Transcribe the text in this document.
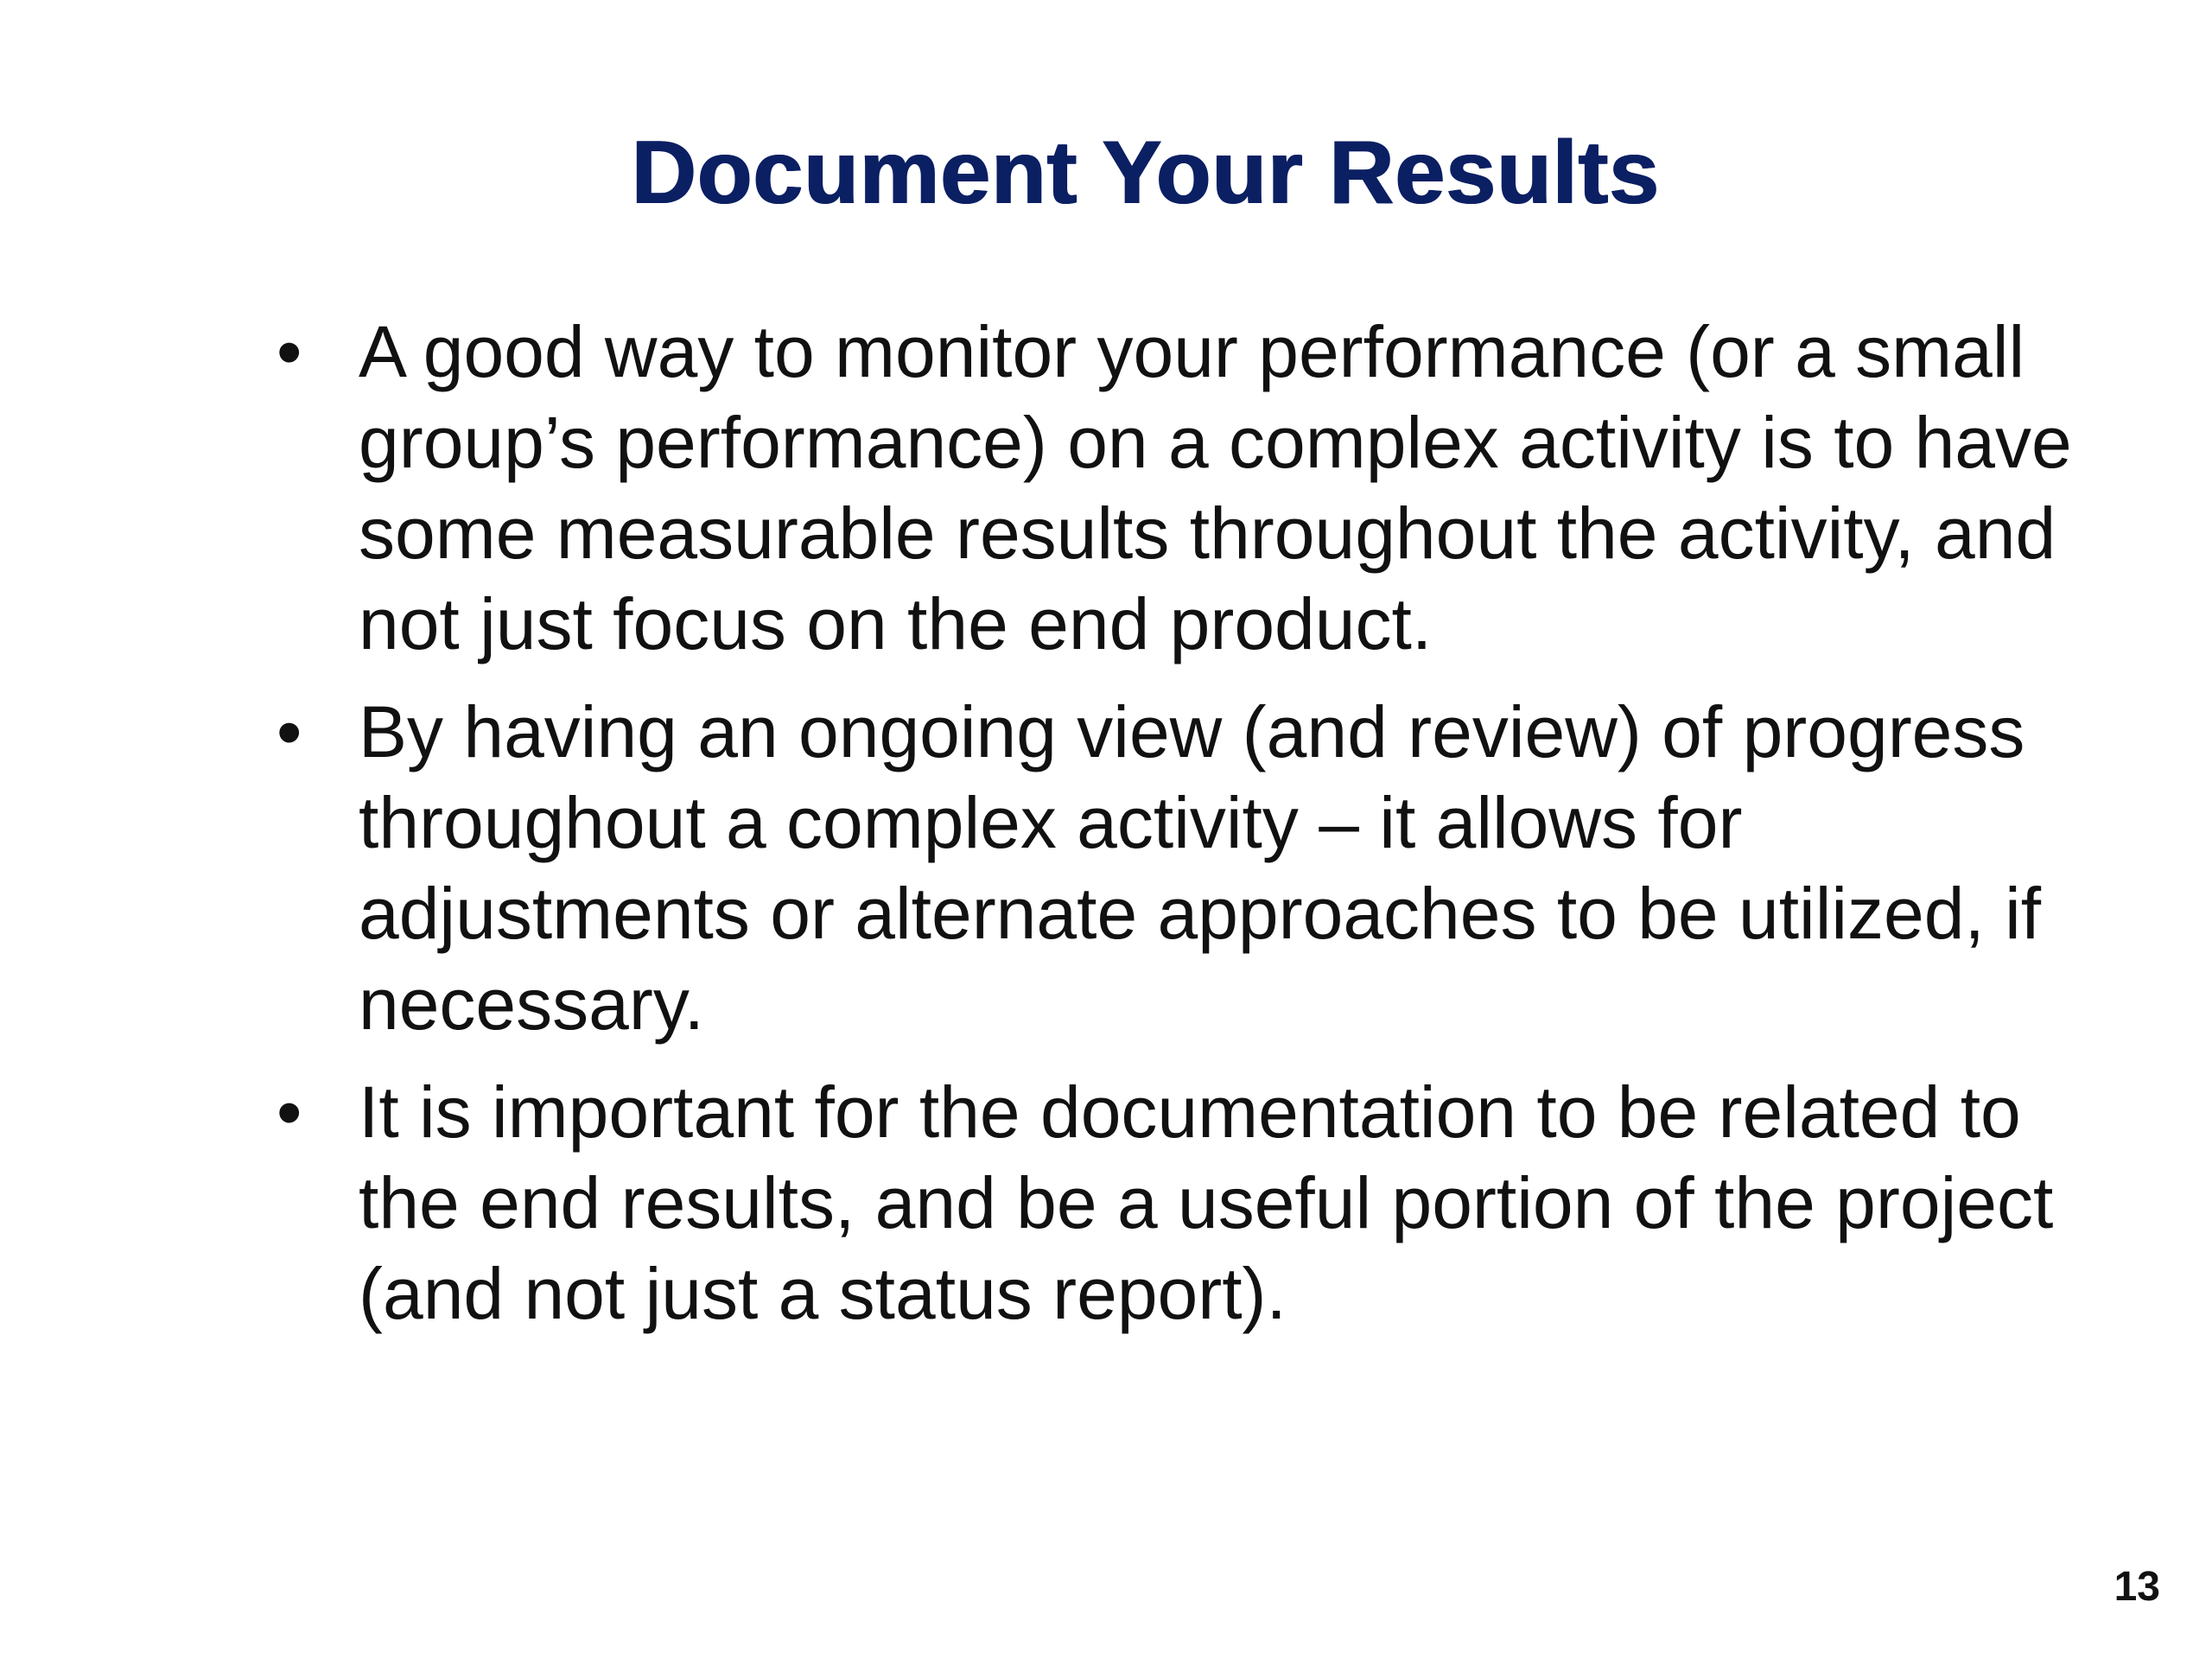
Document Your Results
• A good way to monitor your performance (or a small group’s performance) on a complex activity is to have some measurable results throughout the activity, and not just focus on the end product.
• By having an ongoing view (and review) of progress throughout a complex activity – it allows for adjustments or alternate approaches to be utilized, if necessary.
• It is important for the documentation to be related to the end results, and be a useful portion of the project (and not just a status report).
13
